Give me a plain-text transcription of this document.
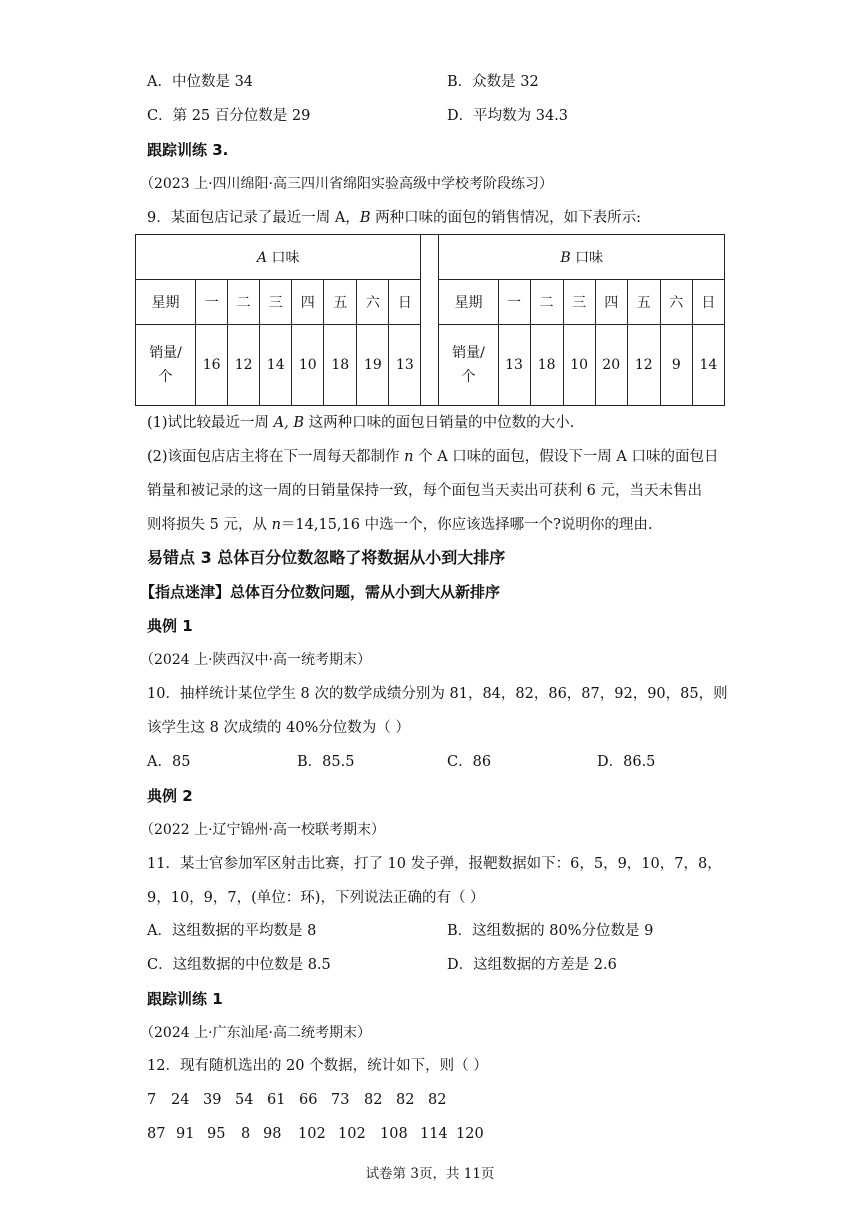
A．中位数是 34	B．众数是 32
C．第 25 百分位数是 29	D．平均数为 34.3
跟踪训练 3.
（2023 上·四川绵阳·高三四川省绵阳实验高级中学校考阶段练习）
9．某面包店记录了最近一周 A，B 两种口味的面包的销售情况，如下表所示:
A 口味									B 口味							
星期	一	二	三	四	五	六	日		星期	一	二	三	四	五	六	日
销量/
个	16	12	14	10	18	19	13		销量/
个	13	18	10	20	12	9	14
(1)试比较最近一周 A, B 这两种口味的面包日销量的中位数的大小.
(2)该面包店店主将在下一周每天都制作 n 个 A 口味的面包，假设下一周 A 口味的面包日
销量和被记录的这一周的日销量保持一致，每个面包当天卖出可获利 6 元，当天未售出
则将损失 5 元，从 n＝14,15,16 中选一个，你应该选择哪一个?说明你的理由.
易错点 3 总体百分位数忽略了将数据从小到大排序
【指点迷津】总体百分位数问题，需从小到大从新排序
典例 1
（2024 上·陕西汉中·高一统考期末）
10．抽样统计某位学生 8 次的数学成绩分别为 81，84，82，86，87，92，90，85，则
该学生这 8 次成绩的 40%分位数为（ ）
A．85	B．85.5	C．86	D．86.5
典例 2
（2022 上·辽宁锦州·高一校联考期末）
11．某士官参加军区射击比赛，打了 10 发子弹，报靶数据如下：6，5，9，10，7，8，
9，10，9，7，(单位：环)，下列说法正确的有（ ）
A．这组数据的平均数是 8	B．这组数据的 80%分位数是 9
C．这组数据的中位数是 8.5	D．这组数据的方差是 2.6
跟踪训练 1
（2024 上·广东汕尾·高二统考期末）
12．现有随机选出的 20 个数据，统计如下，则（ ）
7 24 39 54 61 66 73 82 82 82
87 91 95 8 98 102 102 108 114 120
试卷第 3页，共 11页
